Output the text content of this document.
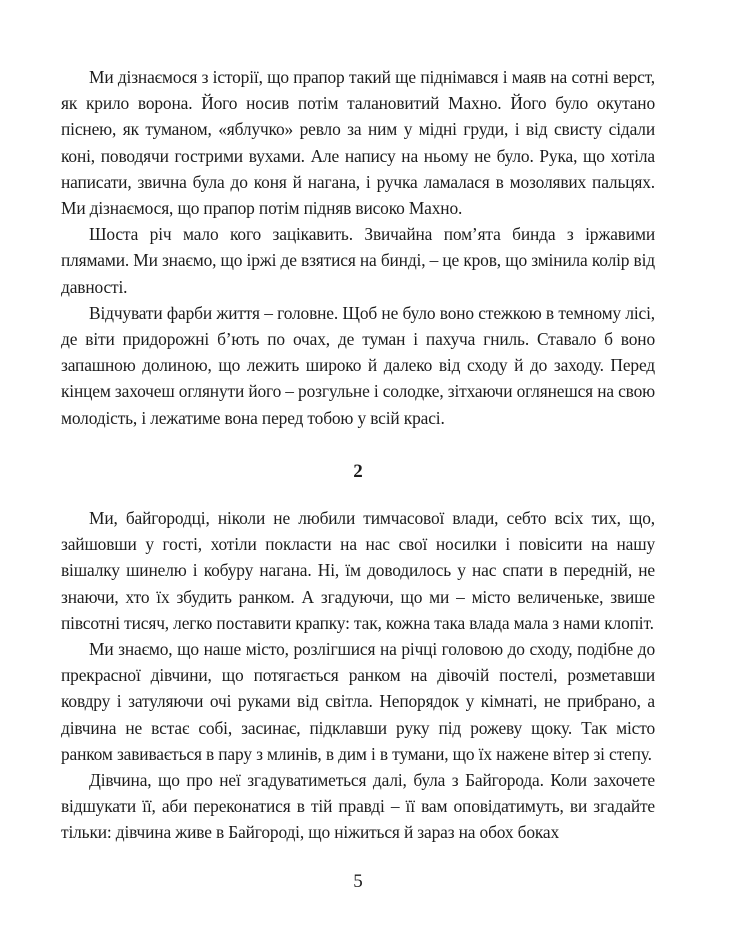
Ми дізнаємося з історії, що прапор такий ще піднімався і маяв на сотні верст, як крило ворона. Його носив потім талановитий Махно. Його було окутано піснею, як туманом, «яблучко» ревло за ним у мідні груди, і від свисту сідали коні, поводячи гострими вухами. Але напису на ньому не було. Рука, що хотіла написати, звична була до коня й нагана, і ручка ламалася в мозолявих пальцях. Ми дізнаємося, що прапор потім підняв високо Махно.

Шоста річ мало кого зацікавить. Звичайна пом’ята бинда з іржавими плямами. Ми знаємо, що іржі де взятися на бинді, – це кров, що змінила колір від давності.

Відчувати фарби життя – головне. Щоб не було воно стежкою в темному лісі, де віти придорожні б’ють по очах, де туман і пахуча гниль. Ставало б воно запашною долиною, що лежить широко й далеко від сходу й до заходу. Перед кінцем захочеш оглянути його – розгульне і солодке, зітхаючи оглянешся на свою молодість, і лежатиме вона перед тобою у всій красі.

2

Ми, байгородці, ніколи не любили тимчасової влади, себто всіх тих, що, зайшовши у гості, хотіли покласти на нас свої носилки і повісити на нашу вішалку шинелю і кобуру нагана. Ні, їм доводилось у нас спати в передній, не знаючи, хто їх збудить ранком. А згадуючи, що ми – місто величеньке, звише півсотні тисяч, легко поставити крапку: так, кожна така влада мала з нами клопіт.

Ми знаємо, що наше місто, розлігшися на річці головою до сходу, подібне до прекрасної дівчини, що потягається ранком на дівочій постелі, розметавши ковдру і затуляючи очі руками від світла. Непорядок у кімнаті, не прибрано, а дівчина не встає собі, засинає, підклавши руку під рожеву щоку. Так місто ранком завивається в пару з млинів, в дим і в тумани, що їх нажене вітер зі степу.

Дівчина, що про неї згадуватиметься далі, була з Байгорода. Коли захочете відшукати її, аби переконатися в тій правді – її вам оповідатимуть, ви згадайте тільки: дівчина живе в Байгороді, що ніжиться й зараз на обох боках

5
